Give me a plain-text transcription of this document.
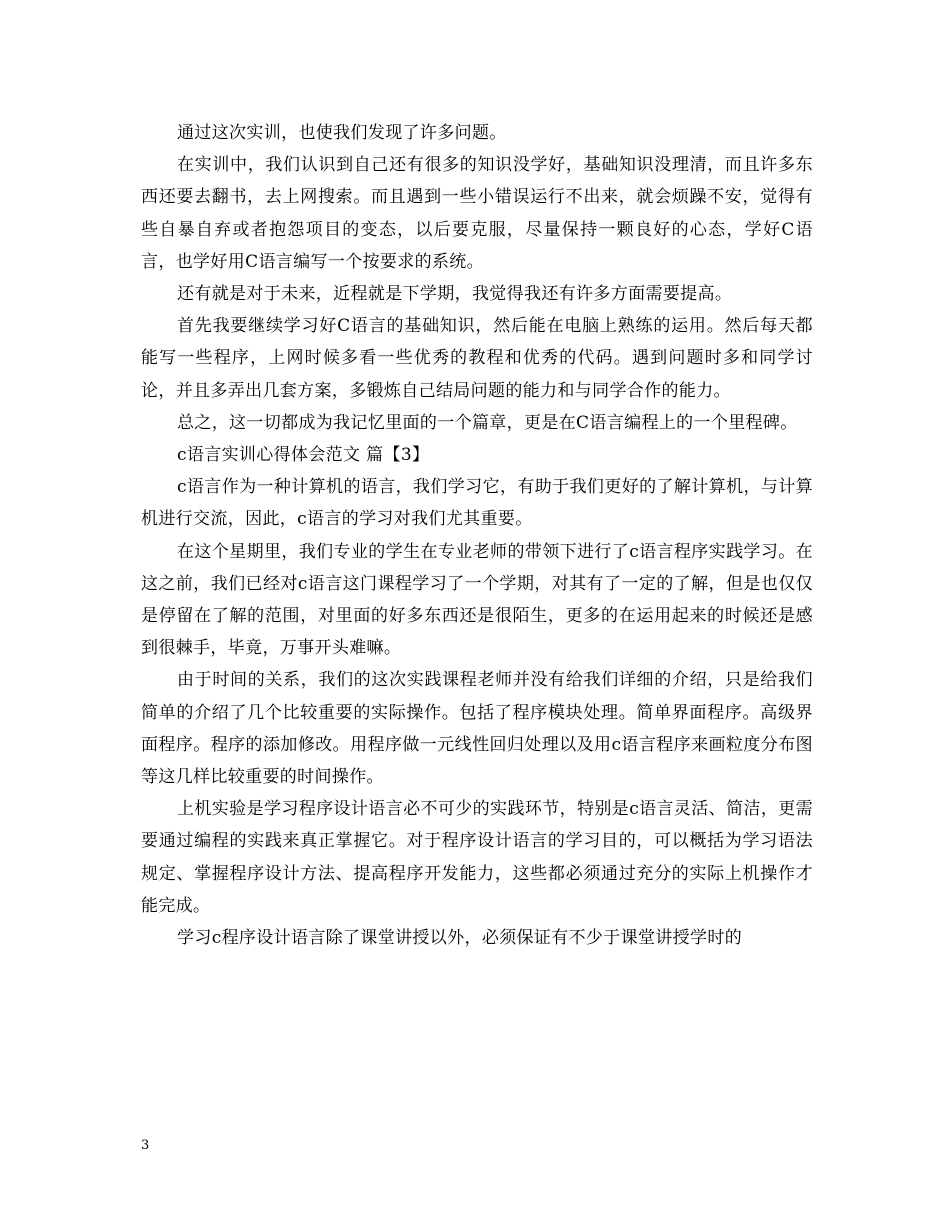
通过这次实训，也使我们发现了许多问题。

在实训中，我们认识到自己还有很多的知识没学好，基础知识没理清，而且许多东西还要去翻书，去上网搜索。而且遇到一些小错误运行不出来，就会烦躁不安，觉得有些自暴自弃或者抱怨项目的变态，以后要克服，尽量保持一颗良好的心态，学好C语言，也学好用C语言编写一个按要求的系统。

还有就是对于未来，近程就是下学期，我觉得我还有许多方面需要提高。

首先我要继续学习好C语言的基础知识，然后能在电脑上熟练的运用。然后每天都能写一些程序，上网时候多看一些优秀的教程和优秀的代码。遇到问题时多和同学讨论，并且多弄出几套方案，多锻炼自己结局问题的能力和与同学合作的能力。

总之，这一切都成为我记忆里面的一个篇章，更是在C语言编程上的一个里程碑。

c语言实训心得体会范文 篇【3】

c语言作为一种计算机的语言，我们学习它，有助于我们更好的了解计算机，与计算机进行交流，因此，c语言的学习对我们尤其重要。

在这个星期里，我们专业的学生在专业老师的带领下进行了c语言程序实践学习。在这之前，我们已经对c语言这门课程学习了一个学期，对其有了一定的了解，但是也仅仅是停留在了解的范围，对里面的好多东西还是很陌生，更多的在运用起来的时候还是感到很棘手，毕竟，万事开头难嘛。

由于时间的关系，我们的这次实践课程老师并没有给我们详细的介绍，只是给我们简单的介绍了几个比较重要的实际操作。包括了程序模块处理。简单界面程序。高级界面程序。程序的添加修改。用程序做一元线性回归处理以及用c语言程序来画粒度分布图等这几样比较重要的时间操作。

上机实验是学习程序设计语言必不可少的实践环节，特别是c语言灵活、简洁，更需要通过编程的实践来真正掌握它。对于程序设计语言的学习目的，可以概括为学习语法规定、掌握程序设计方法、提高程序开发能力，这些都必须通过充分的实际上机操作才能完成。

学习c程序设计语言除了课堂讲授以外，必须保证有不少于课堂讲授学时的

3
